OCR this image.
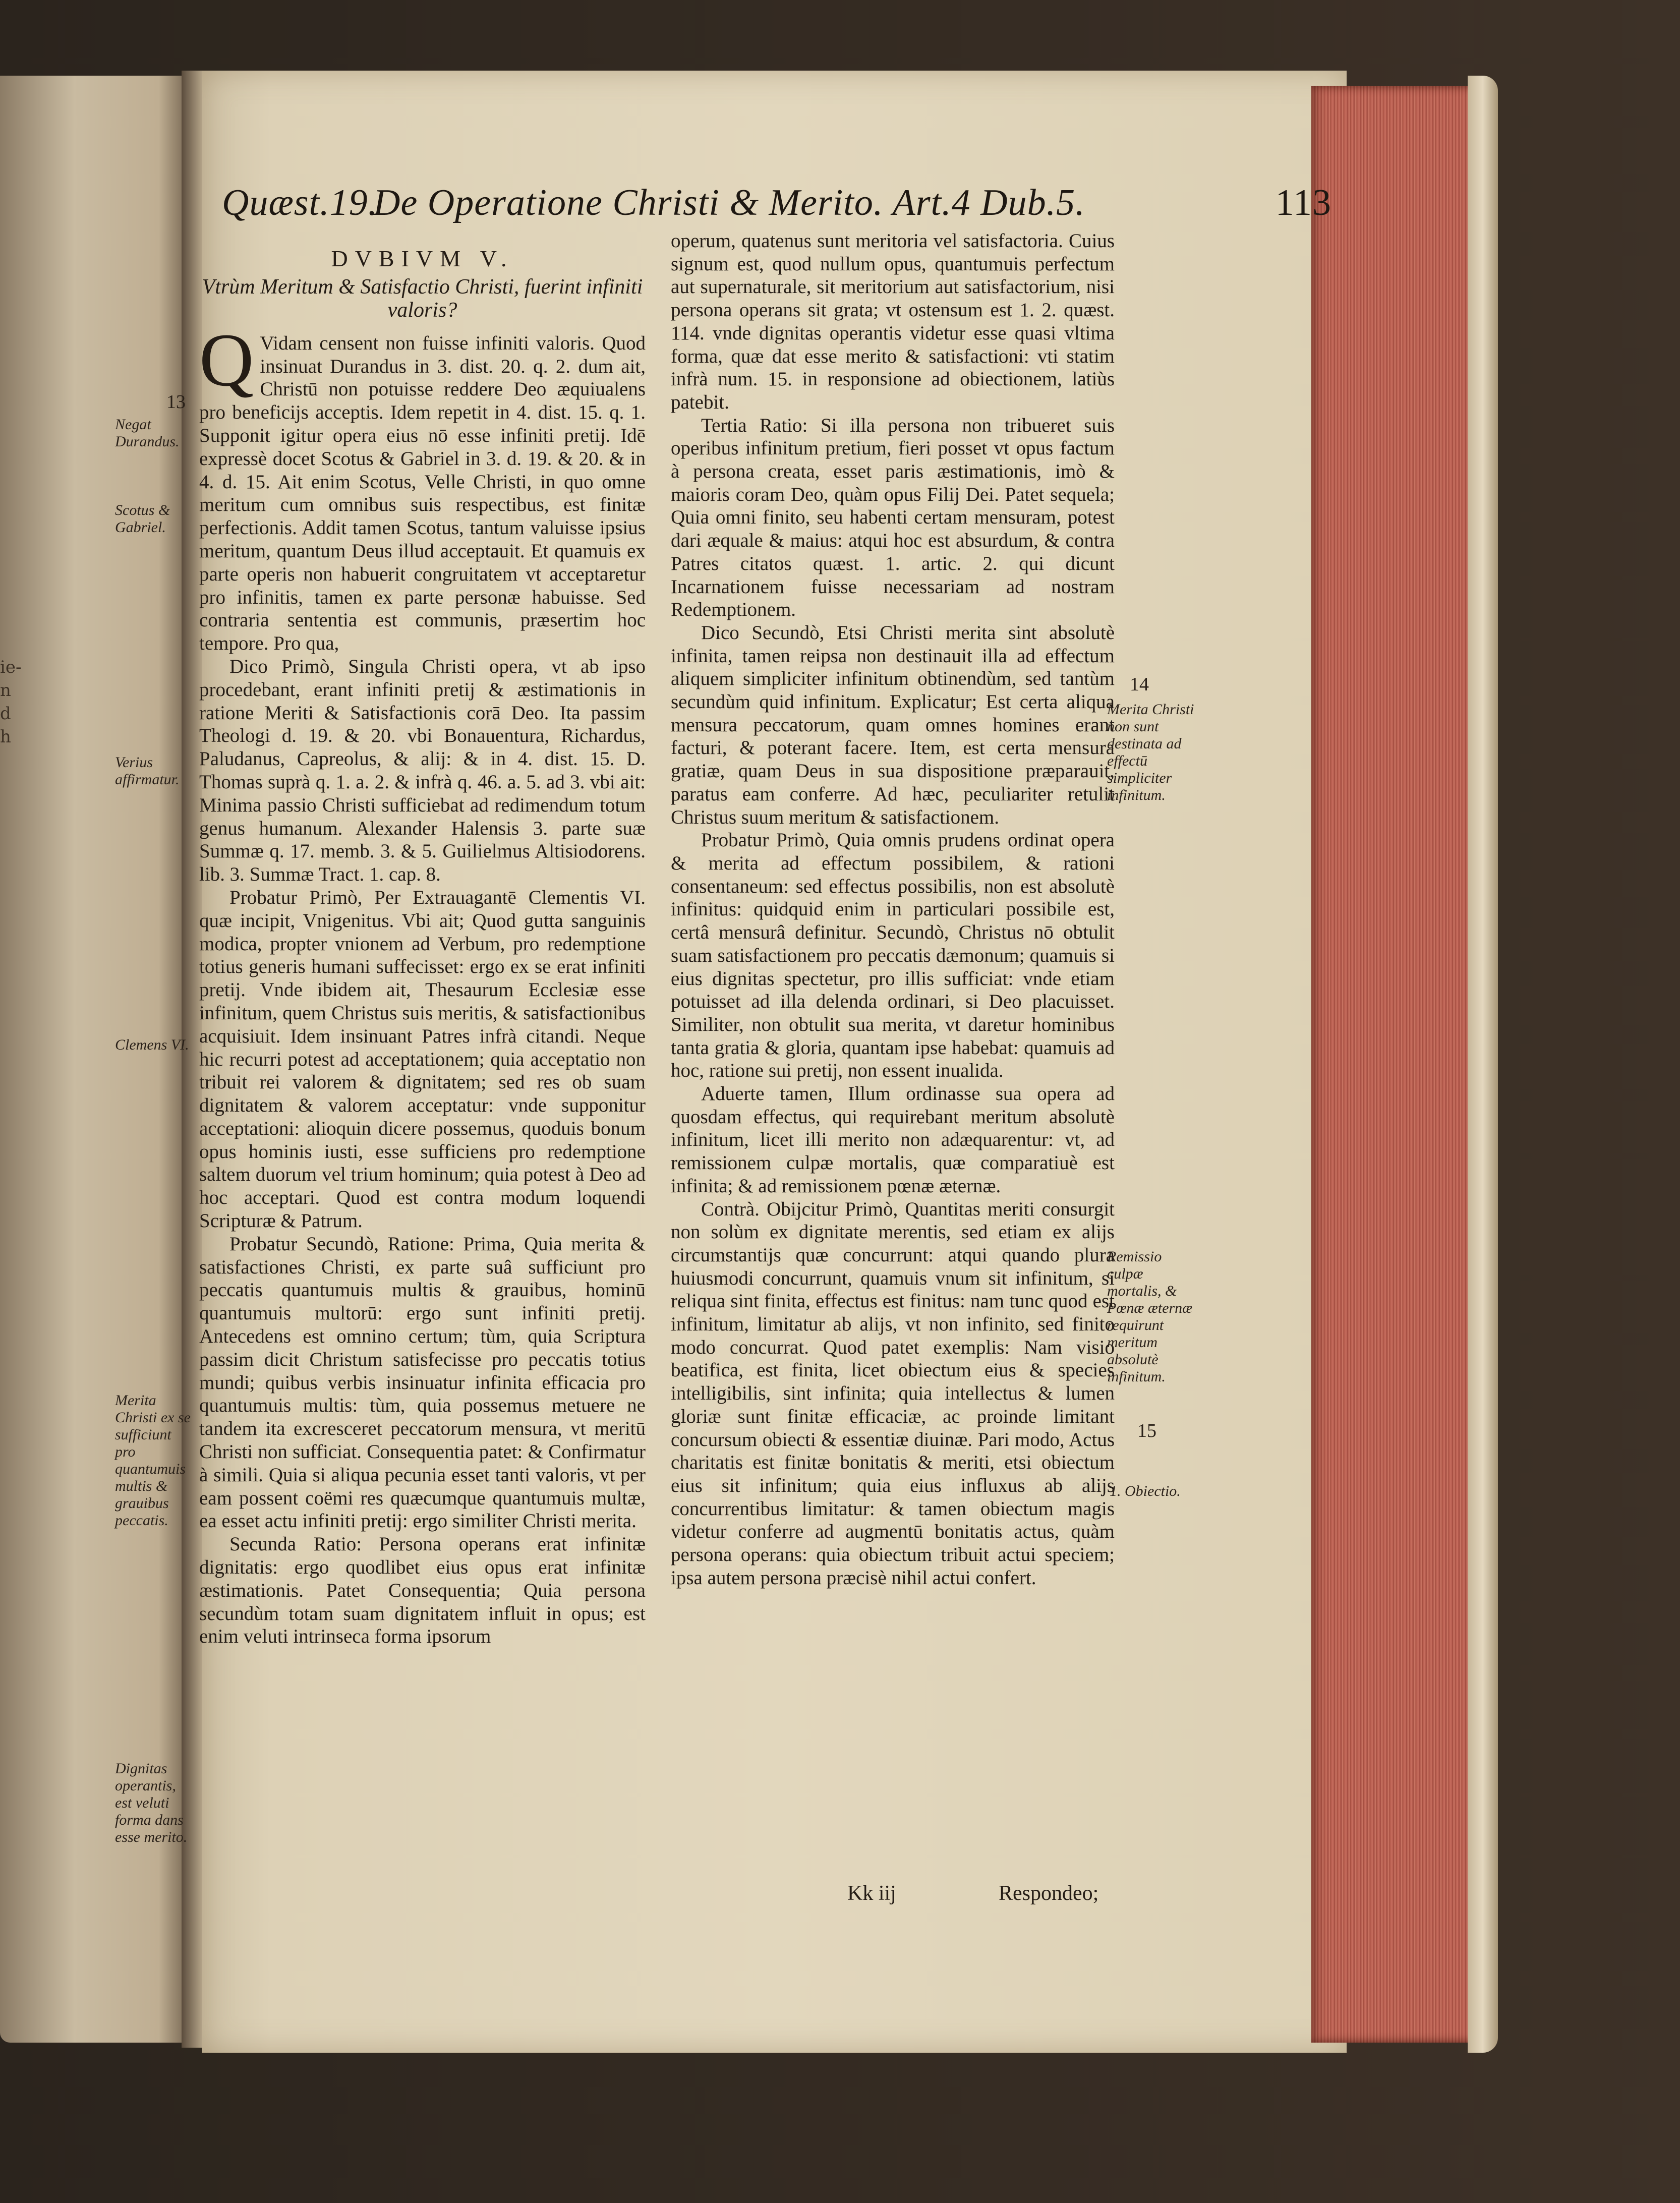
ie-
n
d
h
Quæst.19.
De Operatione Christi & Merito. Art.4 Dub.5.	113
DVBIVM V.
Vtrùm Meritum & Satisfactio Christi, fuerint infiniti valoris?

Q Vidam censent non fuisse infiniti valoris. Quod insinuat Durandus in 3. dist. 20. q. 2. dum ait, Christū non potuisse reddere Deo æquiualens pro beneficijs acceptis. Idem repetit in 4. dist. 15. q. 1. Supponit igitur opera eius nō esse infiniti pretij. Idē expressè docet Scotus & Gabriel in 3. d. 19. & 20. & in 4. d. 15. Ait enim Scotus, Velle Christi, in quo omne meritum cum omnibus suis respectibus, est finitæ perfectionis. Addit tamen Scotus, tantum valuisse ipsius meritum, quantum Deus illud acceptauit. Et quamuis ex parte operis non habuerit congruitatem vt acceptaretur pro infinitis, tamen ex parte personæ habuisse. Sed contraria sententia est communis, præsertim hoc tempore. Pro qua,

Dico Primò, Singula Christi opera, vt ab ipso procedebant, erant infiniti pretij & æstimationis in ratione Meriti & Satisfactionis corā Deo. Ita passim Theologi d. 19. & 20. vbi Bonauentura, Richardus, Paludanus, Capreolus, & alij: & in 4. dist. 15. D. Thomas suprà q. 1. a. 2. & infrà q. 46. a. 5. ad 3. vbi ait: Minima passio Christi sufficiebat ad redimendum totum genus humanum. Alexander Halensis 3. parte suæ Summæ q. 17. memb. 3. & 5. Guilielmus Altisiodorens. lib. 3. Summæ Tract. 1. cap. 8.

Probatur Primò, Per Extrauagantē Clementis VI. quæ incipit, Vnigenitus. Vbi ait; Quod gutta sanguinis modica, propter vnionem ad Verbum, pro redemptione totius generis humani suffecisset: ergo ex se erat infiniti pretij. Vnde ibidem ait, Thesaurum Ecclesiæ esse infinitum, quem Christus suis meritis, & satisfactionibus acquisiuit. Idem insinuant Patres infrà citandi. Neque hic recurri potest ad acceptationem; quia acceptatio non tribuit rei valorem & dignitatem; sed res ob suam dignitatem & valorem acceptatur: vnde supponitur acceptationi: alioquin dicere possemus, quoduis bonum opus hominis iusti, esse sufficiens pro redemptione saltem duorum vel trium hominum; quia potest à Deo ad hoc acceptari. Quod est contra modum loquendi Scripturæ & Patrum.

Probatur Secundò, Ratione: Prima, Quia merita & satisfactiones Christi, ex parte suâ sufficiunt pro peccatis quantumuis multis & grauibus, hominū quantumuis multorū: ergo sunt infiniti pretij. Antecedens est omnino certum; tùm, quia Scriptura passim dicit Christum satisfecisse pro peccatis totius mundi; quibus verbis insinuatur infinita efficacia pro quantumuis multis: tùm, quia possemus metuere ne tandem ita excresceret peccatorum mensura, vt meritū Christi non sufficiat. Consequentia patet: & Confirmatur à simili. Quia si aliqua pecunia esset tanti valoris, vt per eam possent coëmi res quæcumque quantumuis multæ, ea esset actu infiniti pretij: ergo similiter Christi merita.

Secunda Ratio: Persona operans erat infinitæ dignitatis: ergo quodlibet eius opus erat infinitæ æstimationis. Patet Consequentia; Quia persona secundùm totam suam dignitatem influit in opus; est enim veluti intrinseca forma ipsorum

operum, quatenus sunt meritoria vel satisfactoria. Cuius signum est, quod nullum opus, quantumuis perfectum aut supernaturale, sit meritorium aut satisfactorium, nisi persona operans sit grata; vt ostensum est 1. 2. quæst. 114. vnde dignitas operantis videtur esse quasi vltima forma, quæ dat esse merito & satisfactioni: vti statim infrà num. 15. in responsione ad obiectionem, latiùs patebit.

Tertia Ratio: Si illa persona non tribueret suis operibus infinitum pretium, fieri posset vt opus factum à persona creata, esset paris æstimationis, imò & maioris coram Deo, quàm opus Filij Dei. Patet sequela; Quia omni finito, seu habenti certam mensuram, potest dari æquale & maius: atqui hoc est absurdum, & contra Patres citatos quæst. 1. artic. 2. qui dicunt Incarnationem fuisse necessariam ad nostram Redemptionem.

Dico Secundò, Etsi Christi merita sint absolutè infinita, tamen reipsa non destinauit illa ad effectum aliquem simpliciter infinitum obtinendùm, sed tantùm secundùm quid infinitum. Explicatur; Est certa aliqua mensura peccatorum, quam omnes homines erant facturi, & poterant facere. Item, est certa mensura gratiæ, quam Deus in sua dispositione præparauit, paratus eam conferre. Ad hæc, peculiariter retulit Christus suum meritum & satisfactionem.

Probatur Primò, Quia omnis prudens ordinat opera & merita ad effectum possibilem, & rationi consentaneum: sed effectus possibilis, non est absolutè infinitus: quidquid enim in particulari possibile est, certâ mensurâ definitur. Secundò, Christus nō obtulit suam satisfactionem pro peccatis dæmonum; quamuis si eius dignitas spectetur, pro illis sufficiat: vnde etiam potuisset ad illa delenda ordinari, si Deo placuisset. Similiter, non obtulit sua merita, vt daretur hominibus tanta gratia & gloria, quantam ipse habebat: quamuis ad hoc, ratione sui pretij, non essent inualida.

Aduerte tamen, Illum ordinasse sua opera ad quosdam effectus, qui requirebant meritum absolutè infinitum, licet illi merito non adæquarentur: vt, ad remissionem culpæ mortalis, quæ comparatiuè est infinita; & ad remissionem pœnæ æternæ.

Contrà. Obijcitur Primò, Quantitas meriti consurgit non solùm ex dignitate merentis, sed etiam ex alijs circumstantijs quæ concurrunt: atqui quando plura huiusmodi concurrunt, quamuis vnum sit infinitum, si reliqua sint finita, effectus est finitus: nam tunc quod est infinitum, limitatur ab alijs, vt non infinito, sed finito modo concurrat. Quod patet exemplis: Nam visio beatifica, est finita, licet obiectum eius & species intelligibilis, sint infinita; quia intellectus & lumen gloriæ sunt finitæ efficaciæ, ac proinde limitant concursum obiecti & essentiæ diuinæ. Pari modo, Actus charitatis est finitæ bonitatis & meriti, etsi obiectum eius sit infinitum; quia eius influxus ab alijs concurrentibus limitatur: & tamen obiectum magis videtur conferre ad augmentū bonitatis actus, quàm persona operans: quia obiectum tribuit actui speciem; ipsa autem persona præcisè nihil actui confert.

13
Negat Durandus.
Scotus & Gabriel.
Verius affirmatur.
Clemens VI.
Merita Christi ex se sufficiunt pro quantumuis multis & grauibus peccatis.
Dignitas operantis, est veluti forma dans esse merito.
14
Merita Christi non sunt destinata ad effectū simpliciter infinitum.
Remissio culpæ mortalis, & Pœnæ æternæ requirunt meritum absolutè infinitum.
15
1. Obiectio.
Kk iij	Respondeo;
